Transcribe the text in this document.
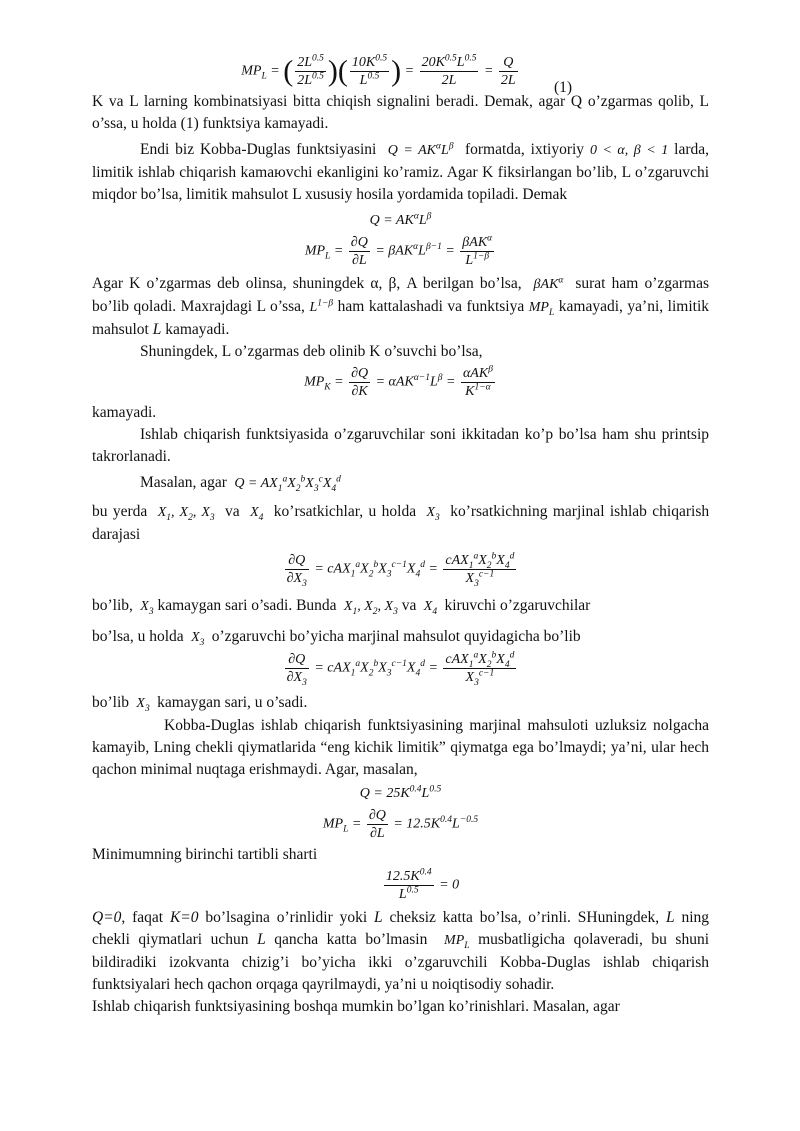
$MP_L$ = ( $\frac{2L^{0.5}}{2L^{0.5}}$ )( $\frac{10K^{0.5}}{L^{0.5}}$ ) = $\frac{20K^{0.5}L^{0.5}}{2L} = \frac{Q}{2L} (1)$

K va L larning kombinatsiyasi bitta chiqish signalini beradi. Demak, agar Q o’zgarmas qolib, L o’ssa, u holda (1) funktsiya kamayadi.

Endi biz Kobba-Duglas funktsiyasini  $Q = AK^\alpha L^\beta$ formatda, ixtiyoriy 0 < α, β < 1 larda, limitik ishlab chiqarish kamaюvchi ekanligini ko’ramiz. Agar K fiksirlangan bo’lib, L o’zgaruvchi miqdor bo’lsa, limitik mahsulot L xususiy hosila yordamida topiladi. Demak

$Q = AK^\alpha L^\beta$
$MP_L = \frac{\partial Q}{\partial L} = \beta AK^\alpha L^{\beta-1} = \frac{\beta AK^\alpha}{L^{1-\beta}}$

Agar K o’zgarmas deb olinsa, shuningdek α, β, A berilgan bo’lsa,  βAK$^\alpha$ surat ham o’zgarmas bo’lib qoladi. Maxrajdagi L o’ssa, $L^{1-\beta}$ ham kattalashadi va funktsiya $MP_L$ kamayadi, ya’ni, limitik mahsulot L kamayadi.

Shuningdek, L o’zgarmas deb olinib K o’suvchi bo’lsa,

$MP_K = \frac{\partial Q}{\partial K} = \alpha AK^{\alpha-1}L^\beta = \frac{\alpha AK^\beta}{K^{1-\alpha}}$

kamayadi.

Ishlab chiqarish funktsiyasida o’zgaruvchilar soni ikkitadan ko’p bo’lsa ham shu printsip takrorlanadi.

Masalan, agar  $Q = AX_1^aX_2^bX_3^cX_4^d$

bu yerda  $X_1$, $X_2$, $X_3$ va  $X_4$ ko’rsatkichlar, u holda  $X_3$ ko’rsatkichning marjinal ishlab chiqarish darajasi

$\frac{\partial Q}{\partial X_3} = cAX_1^aX_2^bX_3^{c-1}X_4^d = \frac{cAX_1^aX_2^bX_4^d}{X_3^{c-1}}$

bo’lib,  $X_3$ kamaygan sari o’sadi. Bunda  $X_1$, $X_2$, $X_3$ va  $X_4$ kiruvchi o’zgaruvchilar

bo’lsa, u holda  $X_3$ o’zgaruvchi bo’yicha marjinal mahsulot quyidagicha bo’lib

$\frac{\partial Q}{\partial X_3} = cAX_1^aX_2^bX_3^{c-1}X_4^d = \frac{cAX_1^aX_2^bX_4^d}{X_3^{c-1}}$

bo’lib  $X_3$ kamaygan sari, u o’sadi.

Kobba-Duglas ishlab chiqarish funktsiyasining marjinal mahsuloti uzluksiz nolgacha kamayib, Lning chekli qiymatlarida “eng kichik limitik” qiymatga ega bo’lmaydi; ya’ni, ular hech qachon minimal nuqtaga erishmaydi. Agar, masalan,

$Q = 25K^{0.4}L^{0.5}$
$MP_L = \frac{\partial Q}{\partial L} = 12.5K^{0.4}L^{-0.5}$

Minimumning birinchi tartibli sharti

$\frac{12.5K^{0.4}}{L^{0.5}} = 0$

Q=0, faqat K=0 bo’lsagina o’rinlidir yoki L cheksiz katta bo’lsa, o’rinli. SHuningdek, L ning chekli qiymatlari uchun L qancha katta bo’lmasin  $MP_L$ musbatligicha qolaveradi, bu shuni bildiradiki izokvanta chizig’i bo’yicha ikki o’zgaruvchili Kobba-Duglas ishlab chiqarish funktsiyalari hech qachon orqaga qayrilmaydi, ya’ni u noiqtisodiy sohadir.

Ishlab chiqarish funktsiyasining boshqa mumkin bo’lgan ko’rinishlari. Masalan, agar
